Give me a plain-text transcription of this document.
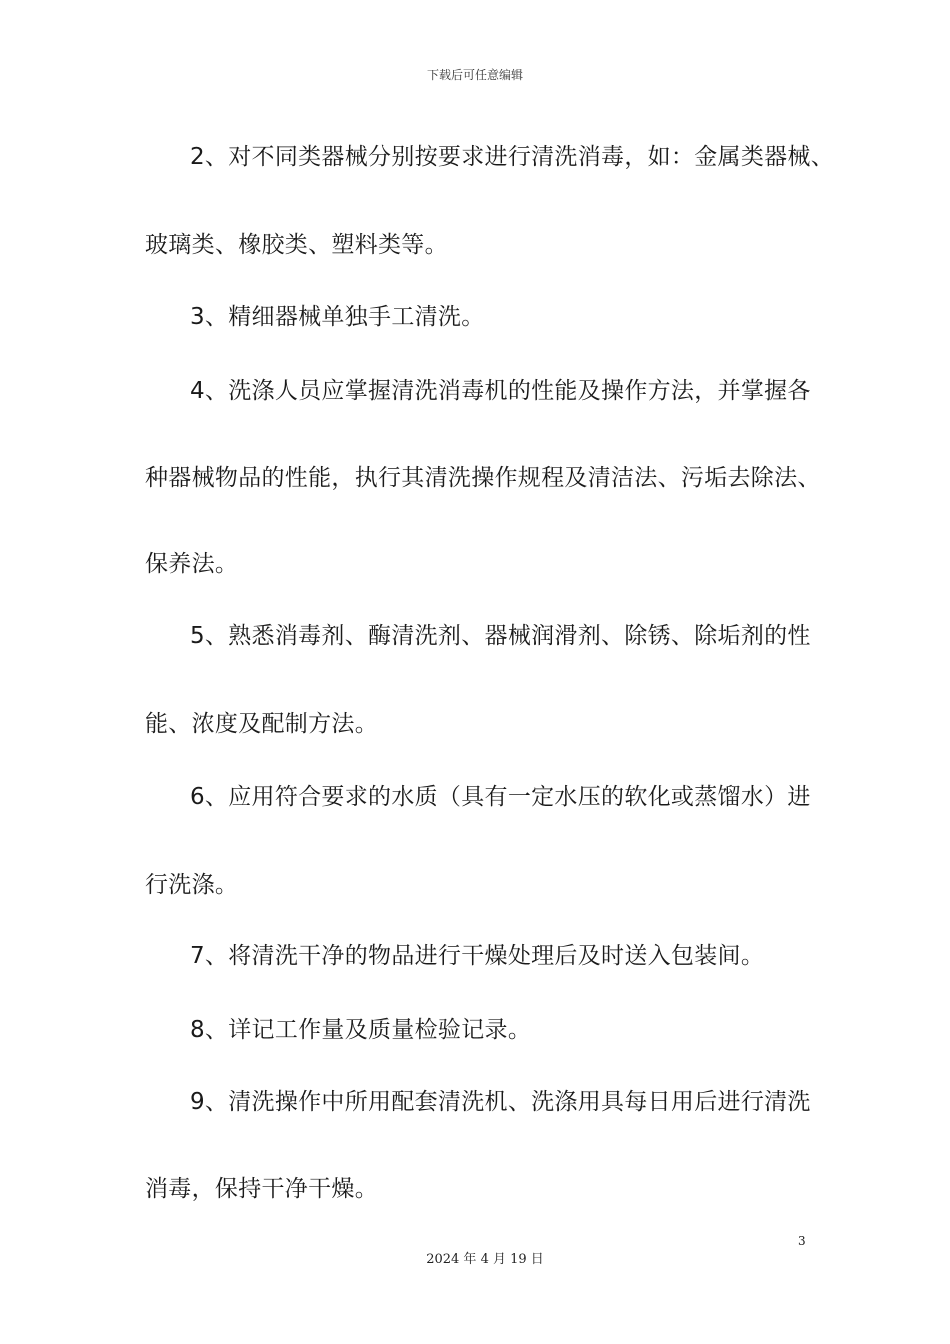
下载后可任意编辑
2、对不同类器械分别按要求进行清洗消毒，如：金属类器械、
玻璃类、橡胶类、塑料类等。
3、精细器械单独手工清洗。
4、洗涤人员应掌握清洗消毒机的性能及操作方法，并掌握各
种器械物品的性能，执行其清洗操作规程及清洁法、污垢去除法、
保养法。
5、熟悉消毒剂、酶清洗剂、器械润滑剂、除锈、除垢剂的性
能、浓度及配制方法。
6、应用符合要求的水质（具有一定水压的软化或蒸馏水）进
行洗涤。
7、将清洗干净的物品进行干燥处理后及时送入包装间。
8、详记工作量及质量检验记录。
9、清洗操作中所用配套清洗机、洗涤用具每日用后进行清洗
消毒，保持干净干燥。
3
2024 年 4 月 19 日
